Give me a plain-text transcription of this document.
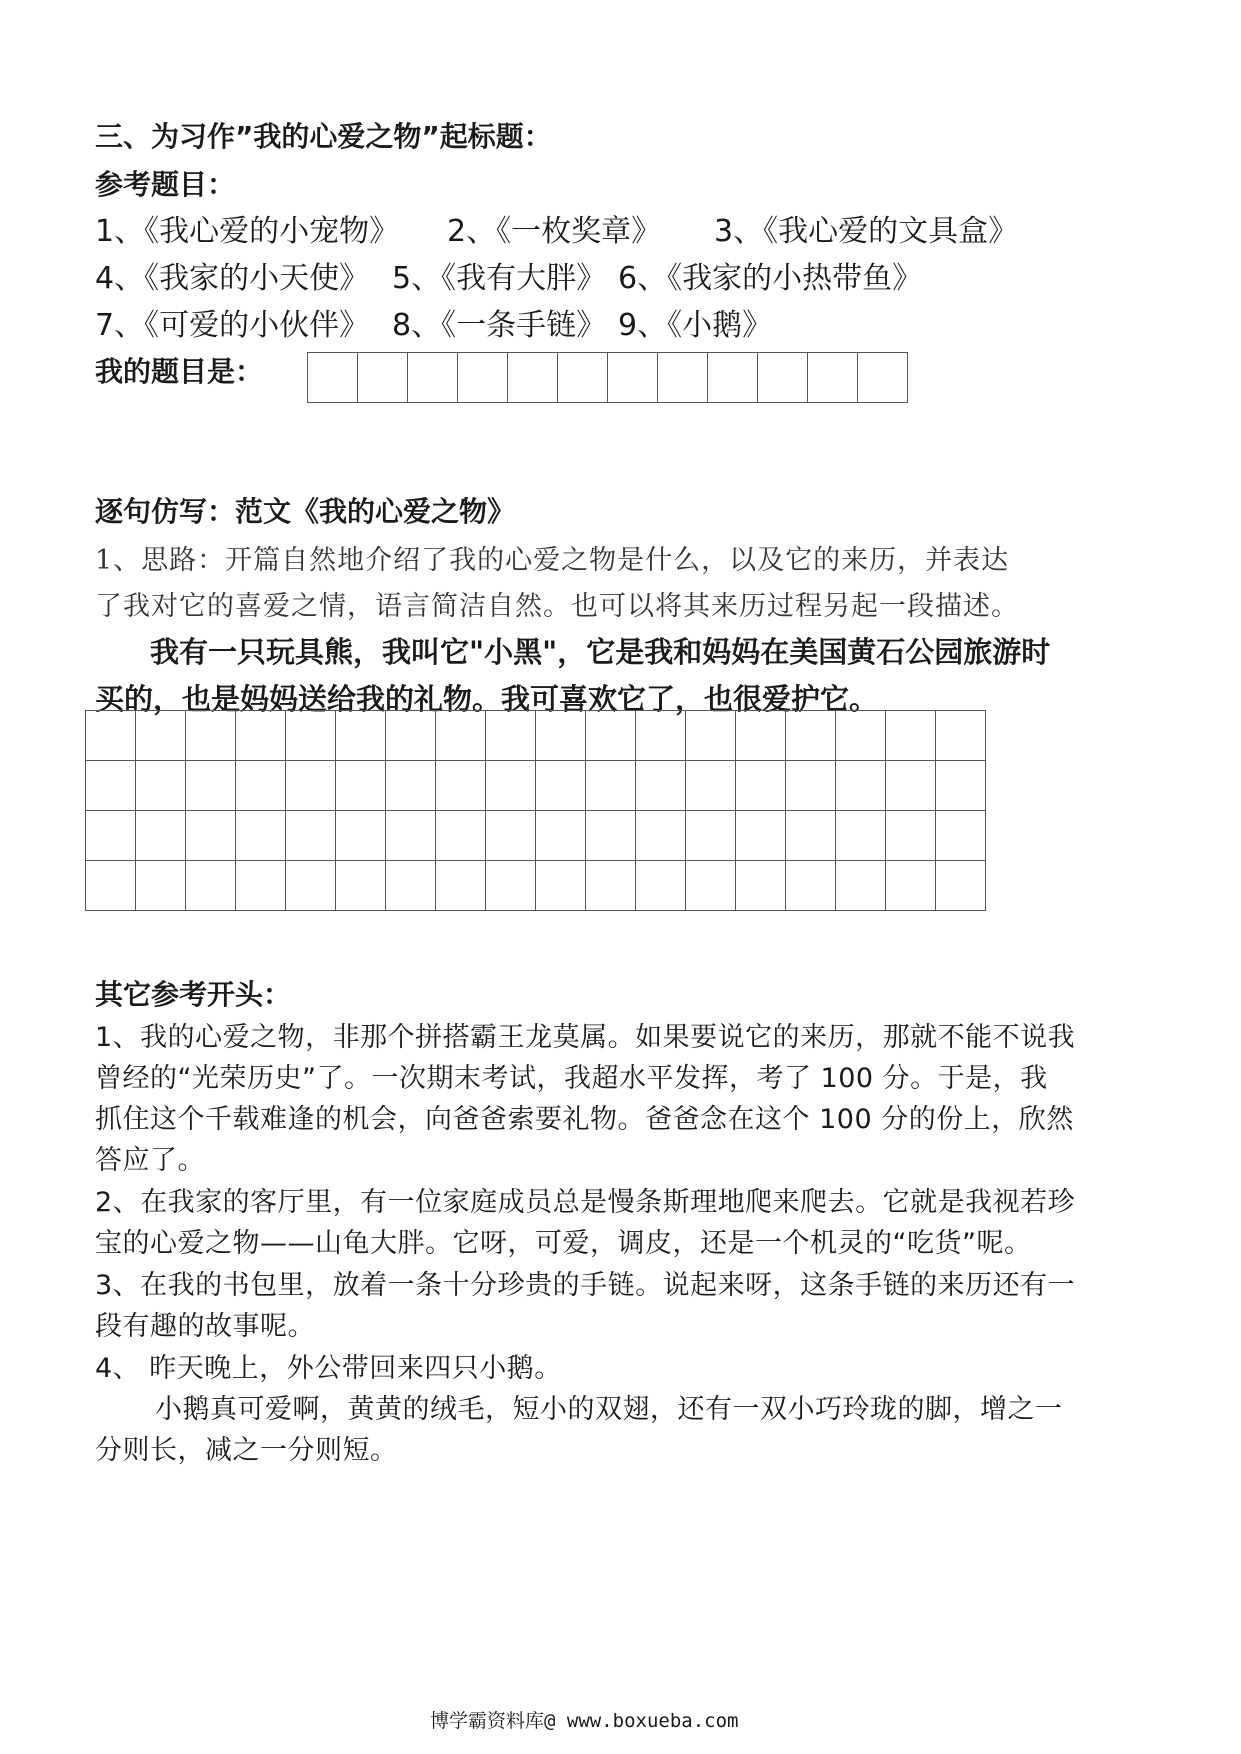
三、为习作”我的心爱之物”起标题：
参考题目：
1、《我心爱的小宠物》 2、《一枚奖章》 3、《我心爱的文具盒》
4、《我家的小天使》 5、《我有大胖》 6、《我家的小热带鱼》
7、《可爱的小伙伴》 8、《一条手链》 9、《小鹅》
我的题目是：

逐句仿写：范文《我的心爱之物》
1、思路：开篇自然地介绍了我的心爱之物是什么，以及它的来历，并表达
了我对它的喜爱之情，语言简洁自然。也可以将其来历过程另起一段描述。
我有一只玩具熊，我叫它"小黑"，它是我和妈妈在美国黄石公园旅游时
买的，也是妈妈送给我的礼物。我可喜欢它了，也很爱护它。

其它参考开头：
1、我的心爱之物，非那个拼搭霸王龙莫属。如果要说它的来历，那就不能不说我
曾经的“光荣历史”了。一次期末考试，我超水平发挥，考了 100 分。于是，我
抓住这个千载难逢的机会，向爸爸索要礼物。爸爸念在这个 100 分的份上，欣然
答应了。
2、在我家的客厅里，有一位家庭成员总是慢条斯理地爬来爬去。它就是我视若珍
宝的心爱之物——山龟大胖。它呀，可爱，调皮，还是一个机灵的“吃货”呢。
3、在我的书包里，放着一条十分珍贵的手链。说起来呀，这条手链的来历还有一
段有趣的故事呢。
4、 昨天晚上，外公带回来四只小鹅。
小鹅真可爱啊，黄黄的绒毛，短小的双翅，还有一双小巧玲珑的脚，增之一
分则长，减之一分则短。
博学霸资料库@ www.boxueba.com
